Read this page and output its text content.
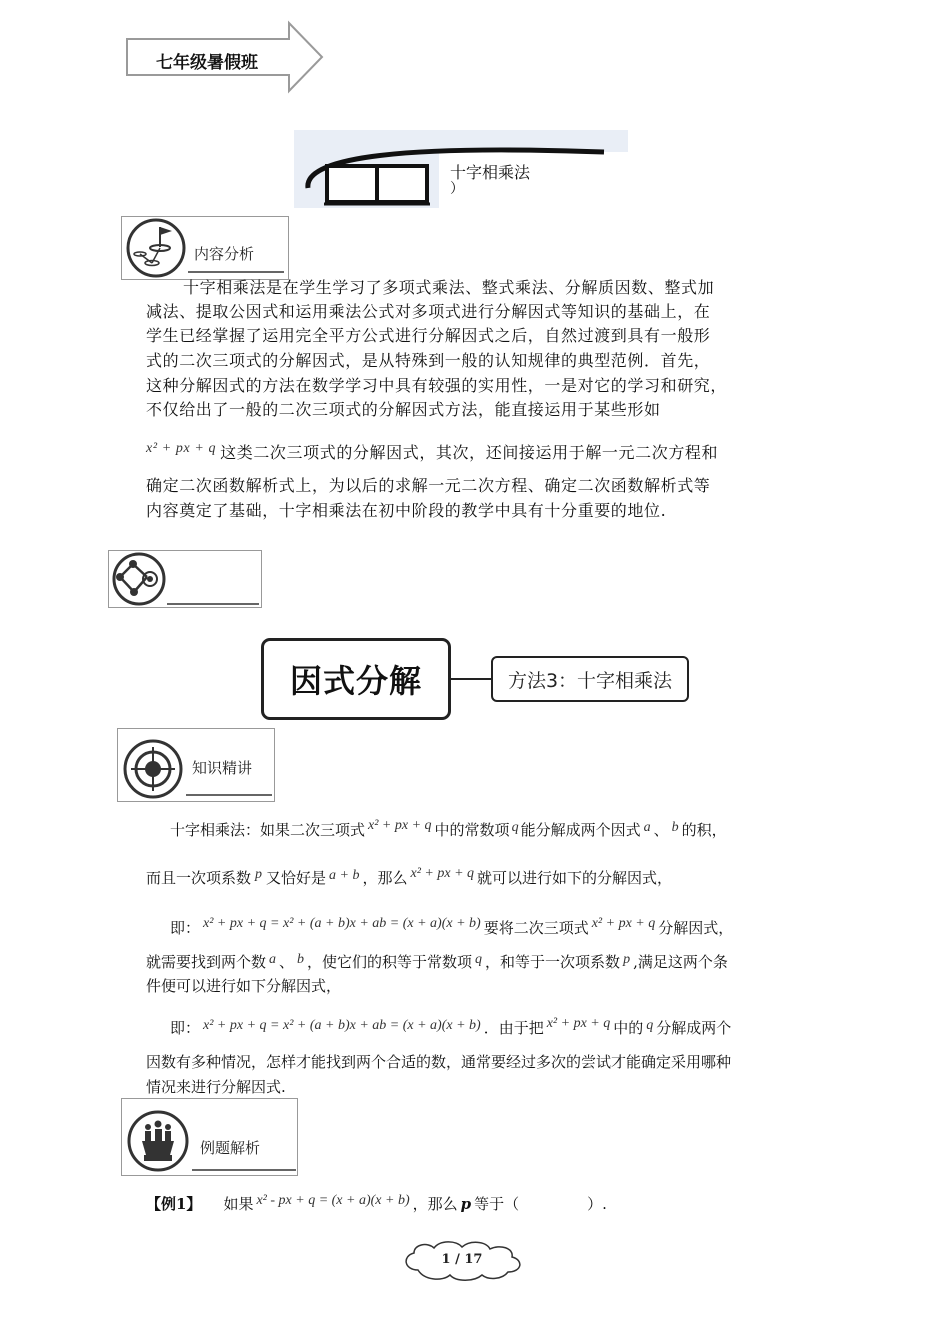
七年级暑假班
十字相乘法
）
内容分析
十字相乘法是在学生学习了多项式乘法、整式乘法、分解质因数、整式加
减法、提取公因式和运用乘法公式对多项式进行分解因式等知识的基础上，在
学生已经掌握了运用完全平方公式进行分解因式之后，自然过渡到具有一般形
式的二次三项式的分解因式，是从特殊到一般的认知规律的典型范例．首先，
这种分解因式的方法在数学学习中具有较强的实用性，一是对它的学习和研究，
不仅给出了一般的二次三项式的分解因式方法，能直接运用于某些形如
x² + px + q 这类二次三项式的分解因式，其次，还间接运用于解一元二次方程和
确定二次函数解析式上，为以后的求解一元二次方程、确定二次函数解析式等
内容奠定了基础，十字相乘法在初中阶段的教学中具有十分重要的地位.
因式分解	方法3：十字相乘法
知识精讲
十字相乘法：如果二次三项式 x² + px + q 中的常数项 q 能分解成两个因式 a 、 b 的积，
而且一次项系数 p 又恰好是 a + b ，那么 x² + px + q 就可以进行如下的分解因式，
即： x² + px + q = x² + (a + b)x + ab = (x + a)(x + b) 要将二次三项式 x² + px + q 分解因式，
就需要找到两个数 a 、 b ，使它们的积等于常数项 q ，和等于一次项系数 p ,满足这两个条
件便可以进行如下分解因式，
即： x² + px + q = x² + (a + b)x + ab = (x + a)(x + b) ．由于把 x² + px + q 中的 q 分解成两个
因数有多种情况，怎样才能找到两个合适的数，通常要经过多次的尝试才能确定采用哪种
情况来进行分解因式.
例题解析
【例1】 如果 x² - px + q = (x + a)(x + b) ，那么 p 等于（	）.
1 / 17
